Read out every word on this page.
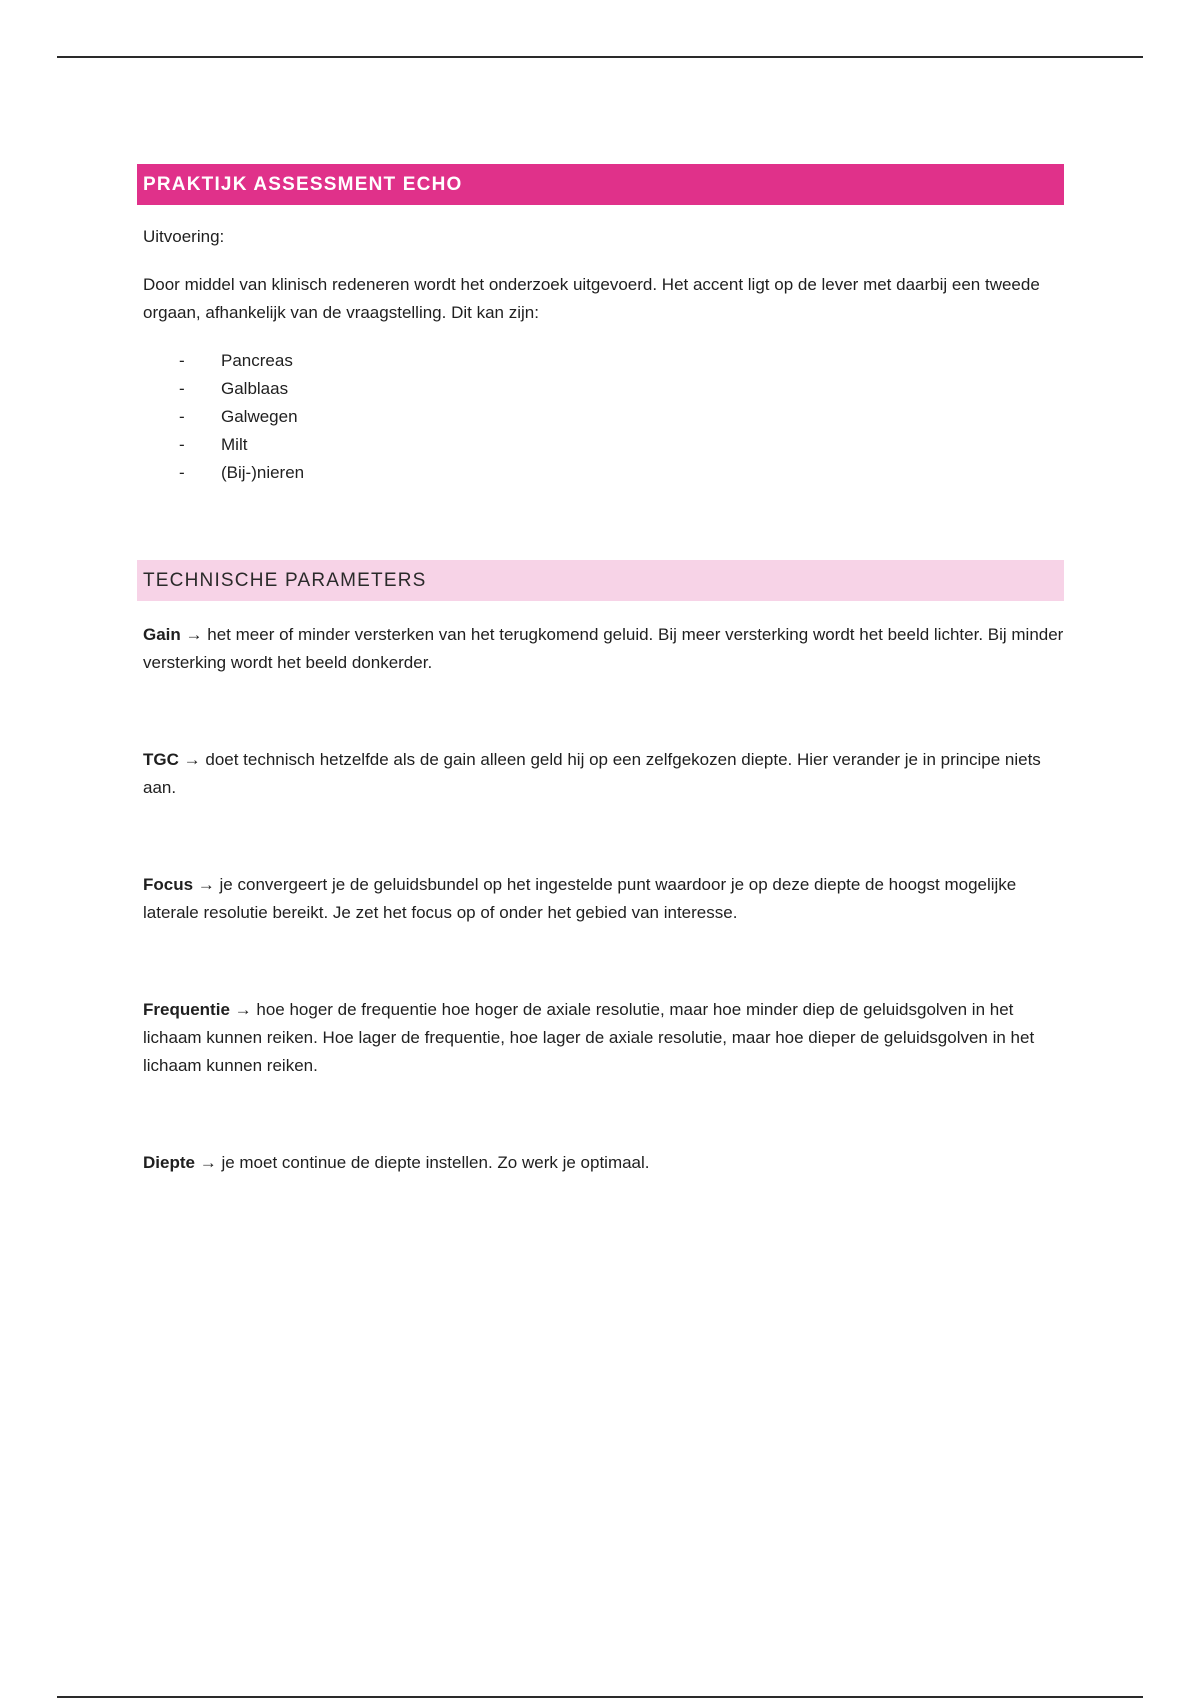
PRAKTIJK ASSESSMENT ECHO

Uitvoering:

Door middel van klinisch redeneren wordt het onderzoek uitgevoerd. Het accent ligt op de lever met daarbij een tweede orgaan, afhankelijk van de vraagstelling. Dit kan zijn:

-	Pancreas
-	Galblaas
-	Galwegen
-	Milt
-	(Bij-)nieren
TECHNISCHE PARAMETERS

Gain → het meer of minder versterken van het terugkomend geluid. Bij meer versterking wordt het beeld lichter. Bij minder versterking wordt het beeld donkerder.

TGC → doet technisch hetzelfde als de gain alleen geld hij op een zelfgekozen diepte. Hier verander je in principe niets aan.

Focus → je convergeert je de geluidsbundel op het ingestelde punt waardoor je op deze diepte de hoogst mogelijke laterale resolutie bereikt. Je zet het focus op of onder het gebied van interesse.

Frequentie → hoe hoger de frequentie hoe hoger de axiale resolutie, maar hoe minder diep de geluidsgolven in het lichaam kunnen reiken. Hoe lager de frequentie, hoe lager de axiale resolutie, maar hoe dieper de geluidsgolven in het lichaam kunnen reiken.

Diepte → je moet continue de diepte instellen. Zo werk je optimaal.
